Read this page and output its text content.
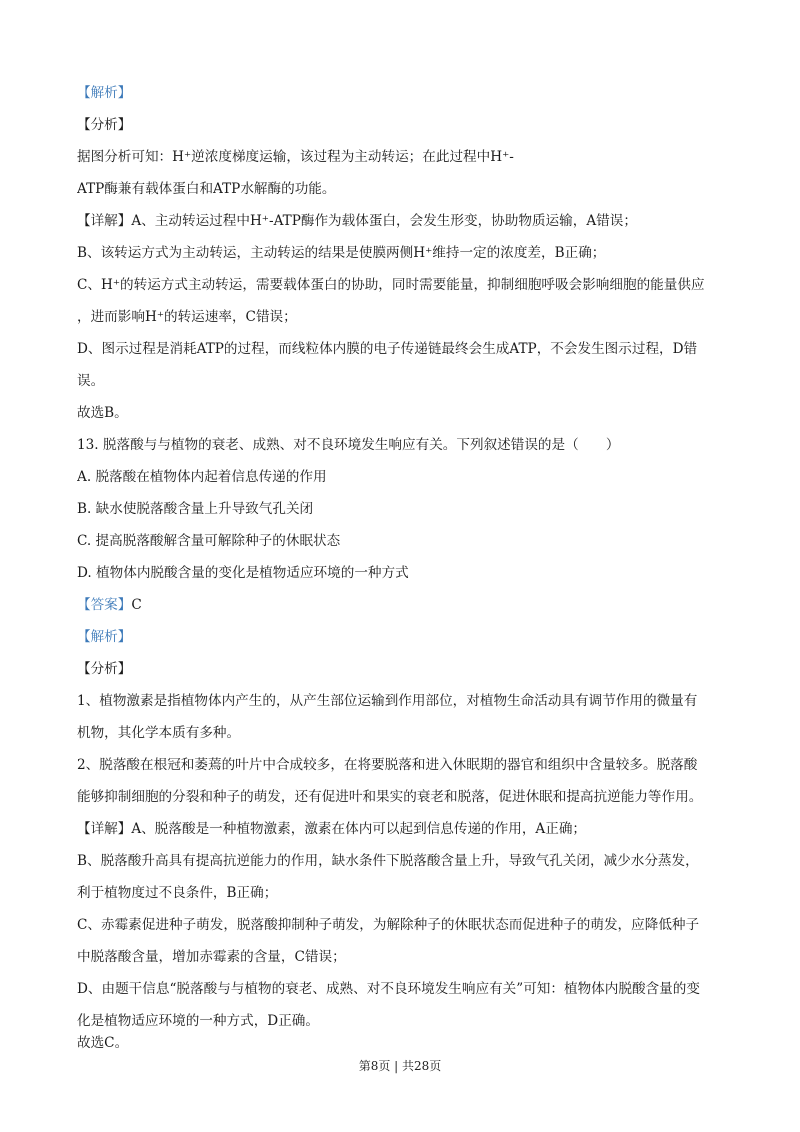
【解析】
【分析】
据图分析可知：H⁺逆浓度梯度运输，该过程为主动转运；在此过程中H⁺-
ATP酶兼有载体蛋白和ATP水解酶的功能。
【详解】A、主动转运过程中H⁺-ATP酶作为载体蛋白，会发生形变，协助物质运输，A错误；
B、该转运方式为主动转运，主动转运的结果是使膜两侧H⁺维持一定的浓度差，B正确；
C、H⁺的转运方式主动转运，需要载体蛋白的协助，同时需要能量，抑制细胞呼吸会影响细胞的能量供应
，进而影响H⁺的转运速率，C错误；
D、图示过程是消耗ATP的过程，而线粒体内膜的电子传递链最终会生成ATP，不会发生图示过程，D错
误。
故选B。
13. 脱落酸与与植物的衰老、成熟、对不良环境发生响应有关。下列叙述错误的是（　　）
A. 脱落酸在植物体内起着信息传递的作用
B. 缺水使脱落酸含量上升导致气孔关闭
C. 提高脱落酸解含量可解除种子的休眠状态
D. 植物体内脱酸含量的变化是植物适应环境的一种方式
【答案】C
【解析】
【分析】
1、植物激素是指植物体内产生的，从产生部位运输到作用部位，对植物生命活动具有调节作用的微量有
机物，其化学本质有多种。
2、脱落酸在根冠和萎蔫的叶片中合成较多，在将要脱落和进入休眠期的器官和组织中含量较多。脱落酸
能够抑制细胞的分裂和种子的萌发，还有促进叶和果实的衰老和脱落，促进休眠和提高抗逆能力等作用。
【详解】A、脱落酸是一种植物激素，激素在体内可以起到信息传递的作用，A正确；
B、脱落酸升高具有提高抗逆能力的作用，缺水条件下脱落酸含量上升，导致气孔关闭，减少水分蒸发，
利于植物度过不良条件，B正确；
C、赤霉素促进种子萌发，脱落酸抑制种子萌发，为解除种子的休眠状态而促进种子的萌发，应降低种子
中脱落酸含量，增加赤霉素的含量，C错误；
D、由题干信息“脱落酸与与植物的衰老、成熟、对不良环境发生响应有关”可知：植物体内脱酸含量的变
化是植物适应环境的一种方式，D正确。
故选C。
第8页 | 共28页
